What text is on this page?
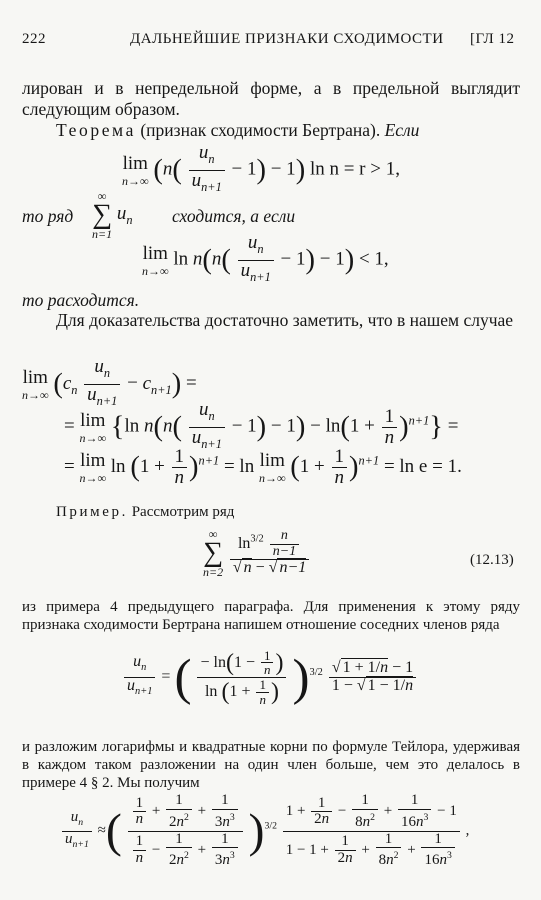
222	ДАЛЬНЕЙШИЕ ПРИЗНАКИ СХОДИМОСТИ [ГЛ 12
лирован и в непредельной форме, а в предельной выглядит следующим образом.
Теорема (признак сходимости Бертрана). Если
lim
n→∞ $(n( \frac{u_n}{u_{n+1}} - 1) - 1)$ ln n = r > 1,
то ряд
∞
∑
n=1
$u_n$ сходится, а если
lim
n→∞
$\ln n(n( \frac{u_n}{u_{n+1}} - 1) - 1) < 1$,
то расходится.
Для доказательства достаточно заметить, что в нашем случае
lim
n→∞ $(c_n \frac{u_n}{u_{n+1}} - c_{n+1})$ =
= lim
n→∞ {ln $n(n( \frac{u_n}{u_{n+1}} - 1) - 1) - \ln(1 + \frac{1}{n} )^{n+1}$} =
= lim
n→∞
$\ln (1 + \frac{1}{n} )^{n+1} = \ln \lim$
n→∞ $(1 + \frac{1}{n} )^{n+1} = \ln e = 1$.
Пример. Рассмотрим ряд
∞
∑
n=2
$\frac{\ln^{3/2} \frac{n}{n-1}}{√ n - √ n-1}$	(12.13)
из примера 4 предыдущего параграфа. Для применения к этому ряду признака сходимости Бертрана напишем отношение соседних членов ряда
$\frac{u_n}{u_{n+1}}$ = ( $\frac{- \ln(1 - \frac{1}{n} )}{\ln (1 + \frac{1}{n} )} )^{3/2} \frac{√ 1 + 1/n - 1}{1 - √ 1 - 1/n}$
и разложим логарифмы и квадратные корни по формуле Тейлора, удерживая в каждом таком разложении на один член больше, чем это делалось в примере 4 § 2. Мы получим
$\frac{u_n}{u_{n+1}}$ ≈( $\frac{\frac{1}{n} + \frac{1}{2n^2} + \frac{1}{3n^3}}{\frac{1}{n} - \frac{1}{2n^2} + \frac{1}{3n^3}} )^{3/2} \frac{1 + \frac{1}{2n} - \frac{1}{8n^2} + \frac{1}{16n^3} - 1}{1 - 1 + \frac{1}{2n} + \frac{1}{8n^2} + \frac{1}{16n^3}}$ ,
